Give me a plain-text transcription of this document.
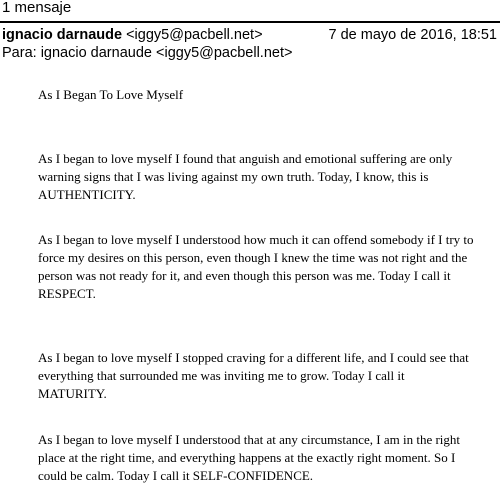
1 mensaje
ignacio darnaude <iggy5@pacbell.net>	7 de mayo de 2016, 18:51
Para: ignacio darnaude <iggy5@pacbell.net>

As I Began To Love Myself

As I began to love myself I found that anguish and emotional suffering are only
warning signs that I was living against my own truth. Today, I know, this is
AUTHENTICITY.

As I began to love myself I understood how much it can offend somebody if I try to
force my desires on this person, even though I knew the time was not right and the
person was not ready for it, and even though this person was me. Today I call it
RESPECT.

As I began to love myself I stopped craving for a different life, and I could see that
everything that surrounded me was inviting me to grow. Today I call it
MATURITY.

As I began to love myself I understood that at any circumstance, I am in the right
place at the right time, and everything happens at the exactly right moment. So I
could be calm. Today I call it SELF-CONFIDENCE.
